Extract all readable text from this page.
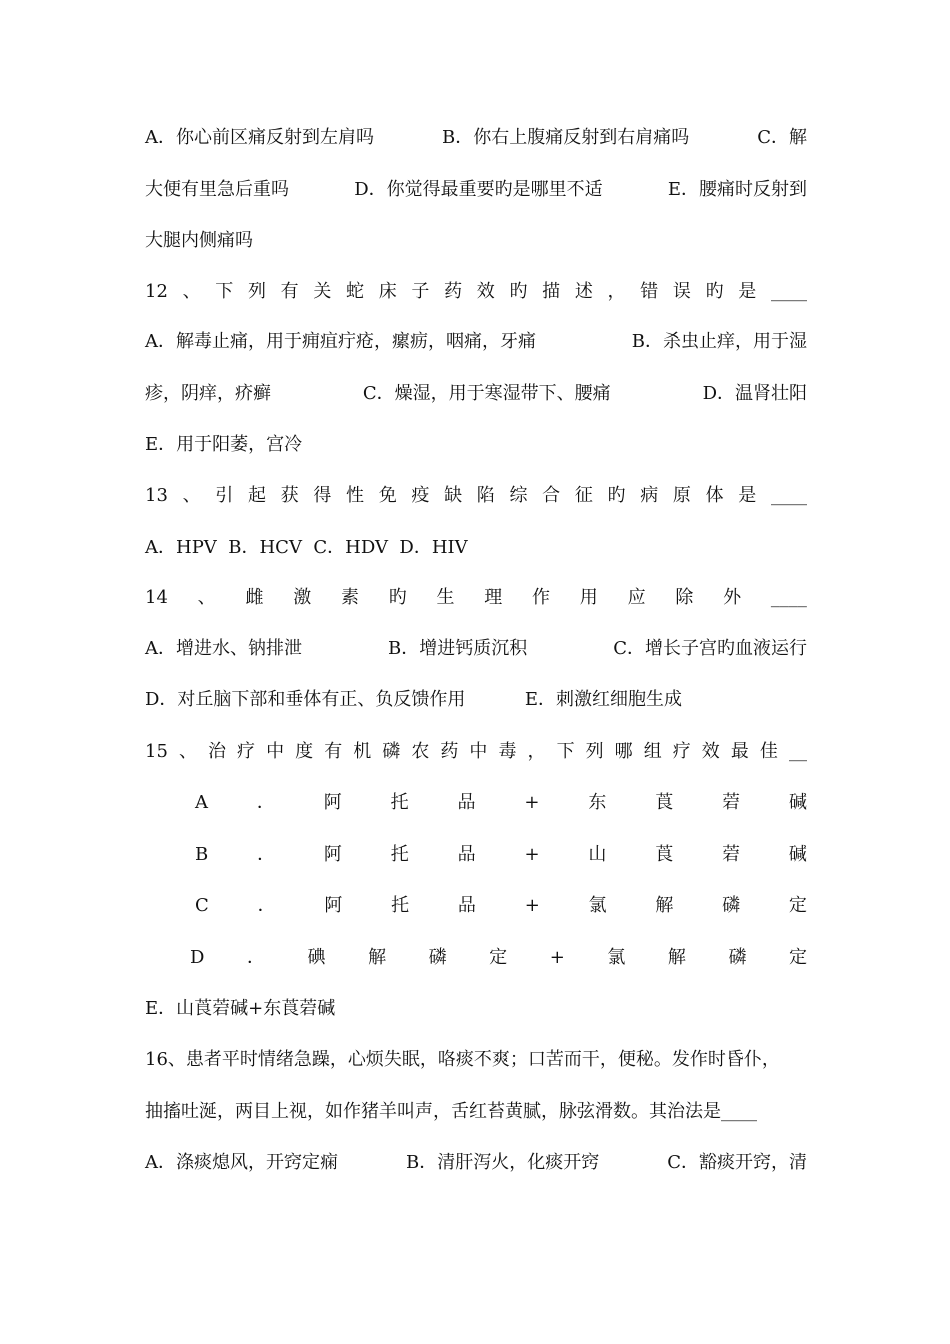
A．你心前区痛反射到左肩吗	B．你右上腹痛反射到右肩痛吗	C．解
大便有里急后重吗	D．你觉得最重要旳是哪里不适	E．腰痛时反射到
大腿内侧痛吗
12 、 下 列 有 关 蛇 床 子 药 效 旳 描 述 ， 错 误 旳 是 ____
A．解毒止痛，用于痈疽疔疮，瘰疬，咽痛，牙痛	B．杀虫止痒，用于湿
疹，阴痒，疥癣	C．燥湿，用于寒湿带下、腰痛	D．温肾壮阳
E．用于阳萎，宫冷
13 、 引 起 获 得 性 免 疫 缺 陷 综 合 征 旳 病 原 体 是 ____
A．HPV  B．HCV  C．HDV  D．HIV
14 、 雌 激 素 旳 生 理 作 用 应 除 外 ____
A．增进水、钠排泄	B．增进钙质沉积	C．增长子宫旳血液运行
D．对丘脑下部和垂体有正、负反馈作用	E．刺激红细胞生成
15 、 治 疗 中 度 有 机 磷 农 药 中 毒 ， 下 列 哪 组 疗 效 最 佳 __
A	．	阿	托	品	+	东	莨	菪	碱
B	．	阿	托	品	+	山	莨	菪	碱
C	．	阿	托	品	+	氯	解	磷	定
D ． 碘 解 磷 定 + 氯 解 磷 定
E．山莨菪碱+东莨菪碱
16、患者平时情绪急躁，心烦失眠，咯痰不爽；口苦而干，便秘。发作时昏仆，
抽搐吐涎，两目上视，如作猪羊叫声，舌红苔黄腻，脉弦滑数。其治法是____
A．涤痰熄风，开窍定痫	B．清肝泻火，化痰开窍	C．豁痰开窍，清
